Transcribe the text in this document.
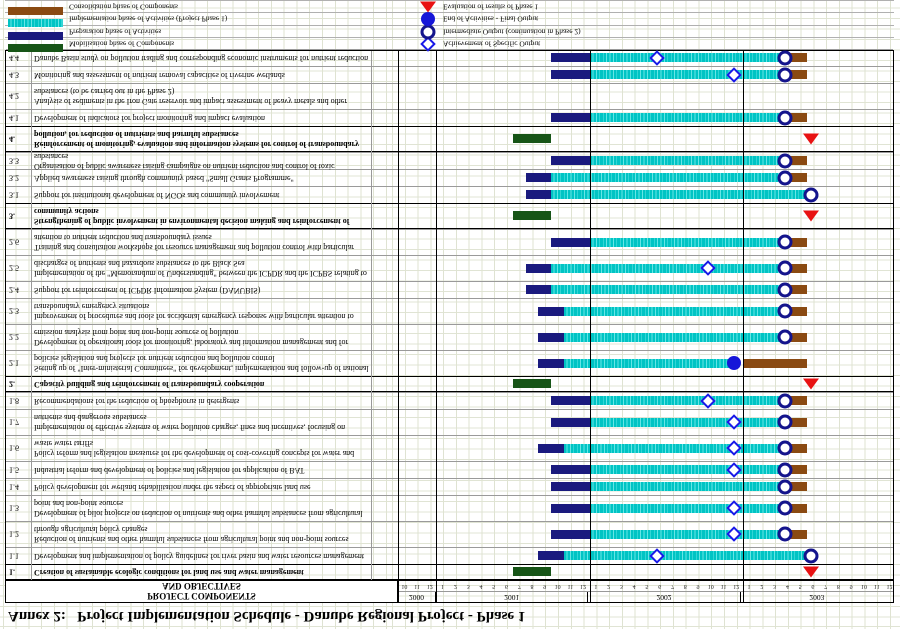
Annex 2:   Project Implementation Schedule - Danube Regional Project - Phase 1
PROJECT COMPONENTS
AND OBJECTIVES
2000	2001	2002	2003
10	11	12	1	2	3	4	5	6	7	8	9	10	11	12	1	2	3	4	5	6	7	8	9	10	11	12	1	2	3	4	5	6	7	8	9	10	11	12
1.	Creation of sustainable ecologic conditions for land use and water management
1.1	Development and implementation of policy guidelines for river basin and water resources management
1.2
Reduction of nutrients and other harmful substances from agricultural point and non-point sources through agricultural policy changes
1.3
Development of pilot projects on reduction of nutrients and other harmful substances from agricultural point and non-point sources
1.4	Policy development for wetland rehabilitation under the aspect of appropriate land use
1.5	Industrial reform and development of policies and legislation for application of BAT
1.6
Policy reform and legislation measures for the development of cost-covering concepts for water and waste water tariffs
1.7
Implementation of effective systems of water pollution charges, fines and incentives, focusing on nutrients and dangerous substances
1.8	Recommendations for the reduction of phosphorus in detergents
2.	Capacity building and reinforcement of transboundary cooperation
2.1
Setting up of "Inter-ministerial Committees" for development, implementation and follow-up of national policies legislation and projects for nutrient reduction and pollution control
2.2
Development of operational tools for monitoring, laboratory and information management and for emission analysis from point and non-point sources of pollution
2.3
Improvement of procedures and tools for accidental emergency response with particular attention to transboundary emergency situations
2.4	Support for reinforcement of ICPDR Information System (DANUBIS)
2.5
Implementation of the "Memorandum of Understanding" between the ICPDR and the ICPBS relating to discharges of nutrients and hazardous substances to the Black Sea
2.6
Training and consultation workshops for resource management and pollution control with particular attention to nutrient reduction and transboundary issues
3.
Strengthening of public involvement in environmental decision making and reinforcement of community actions
3.1	Support for institutional development of NGOs and community involvement
3.2	Applied awareness raising through community based "Small Grants Programme"
3.3
Organisation of public awareness raising campaigns on nutrient reduction and control of toxic substances
4.
Reinforcement of monitoring, evaluation and information systems for control of transboundary pollution, for reduction of nutrients and harmful substances
4.1	Development of indicators for project monitoring and impact evaluation
4.2
Analysis of sediments in the Iron Gate reservoir and impact assessment of heavy metals and other substances (to be carried out in the Phase 2)
4.3	Monitoring and assessment of nutrient removal capacities of riverine wetlands
4.4	Danube Basin study on pollution trading and corresponding economic instruments for nutrient reduction
Mobilisation phase of Components	Achievement of Specific Output
Preparation phase of Activities	Intermediate Output (continuation in Phase 2)
Implementation phase of Activities (Project Phase 1)	End of Activities - Final Output
Consolidation phase of Components	Evaluation of results of Phase 1
